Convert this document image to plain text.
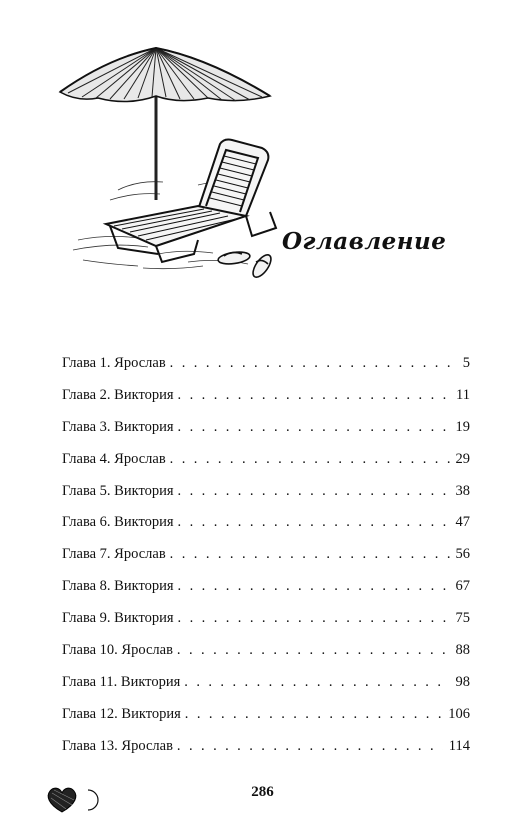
Оглавление
Глава 1. Ярослав . . .	5
Глава 2. Виктория . . .	11
Глава 3. Виктория . . .	19
Глава 4. Ярослав . . .	29
Глава 5. Виктория . . .	38
Глава 6. Виктория . . .	47
Глава 7. Ярослав . . .	56
Глава 8. Виктория . . .	67
Глава 9. Виктория . . .	75
Глава 10. Ярослав . . .	88
Глава 11. Виктория . . .	98
Глава 12. Виктория . . .	106
Глава 13. Ярослав . . .	114
286
